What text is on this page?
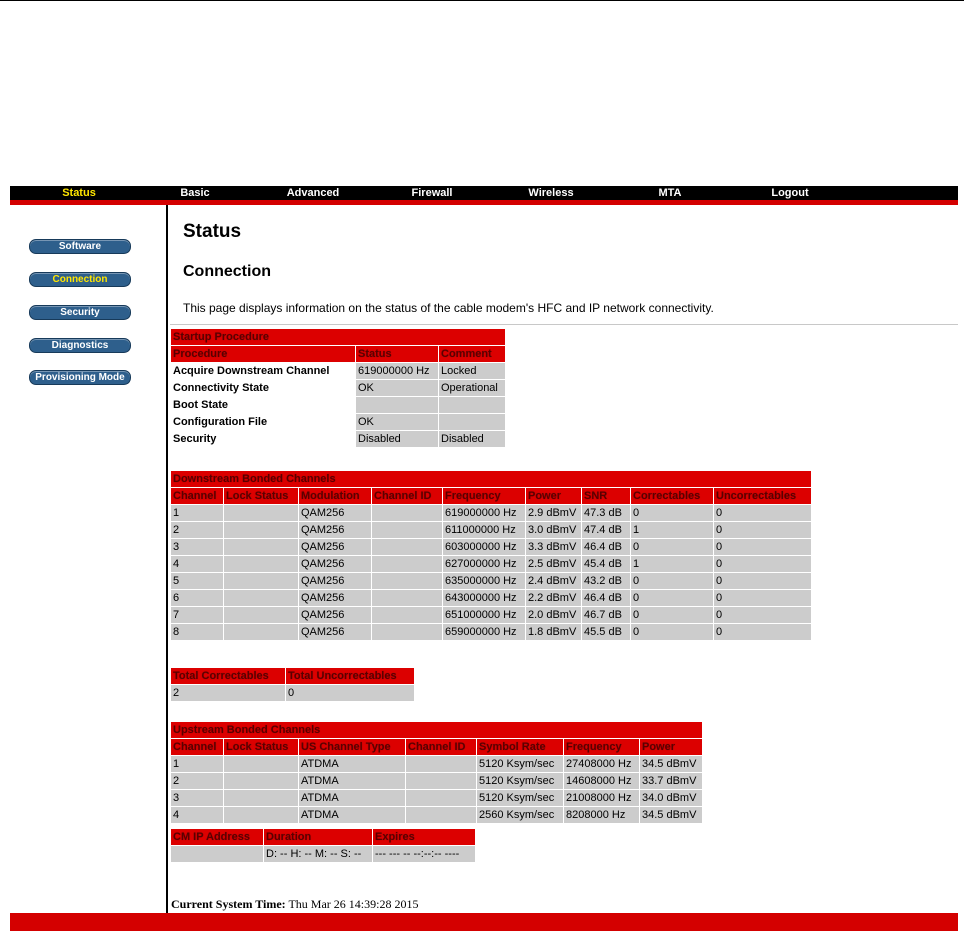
Status	Basic	Advanced	Firewall	Wireless	MTA	Logout
Software
Connection
Security
Diagnostics
Provisioning Mode
Status
Connection

This page displays information on the status of the cable modem's HFC and IP network connectivity.

Startup Procedure		
Procedure	Status	Comment
Acquire Downstream Channel	619000000 Hz	Locked
Connectivity State	OK	Operational
Boot State		
Configuration File	OK	
Security	Disabled	Disabled
Downstream Bonded Channels								
Channel	Lock Status	Modulation	Channel ID	Frequency	Power	SNR	Correctables	Uncorrectables
1		QAM256		619000000 Hz	2.9 dBmV	47.3 dB	0	0
2		QAM256		611000000 Hz	3.0 dBmV	47.4 dB	1	0
3		QAM256		603000000 Hz	3.3 dBmV	46.4 dB	0	0
4		QAM256		627000000 Hz	2.5 dBmV	45.4 dB	1	0
5		QAM256		635000000 Hz	2.4 dBmV	43.2 dB	0	0
6		QAM256		643000000 Hz	2.2 dBmV	46.4 dB	0	0
7		QAM256		651000000 Hz	2.0 dBmV	46.7 dB	0	0
8		QAM256		659000000 Hz	1.8 dBmV	45.5 dB	0	0
Total Correctables	Total Uncorrectables
2	0
Upstream Bonded Channels						
Channel	Lock Status	US Channel Type	Channel ID	Symbol Rate	Frequency	Power
1		ATDMA		5120 Ksym/sec	27408000 Hz	34.5 dBmV
2		ATDMA		5120 Ksym/sec	14608000 Hz	33.7 dBmV
3		ATDMA		5120 Ksym/sec	21008000 Hz	34.0 dBmV
4		ATDMA		2560 Ksym/sec	8208000 Hz	34.5 dBmV
CM IP Address	Duration	Expires
	D: -- H: -- M: -- S: --	--- --- -- --:--:-- ----
Current System Time: Thu Mar 26 14:39:28 2015
